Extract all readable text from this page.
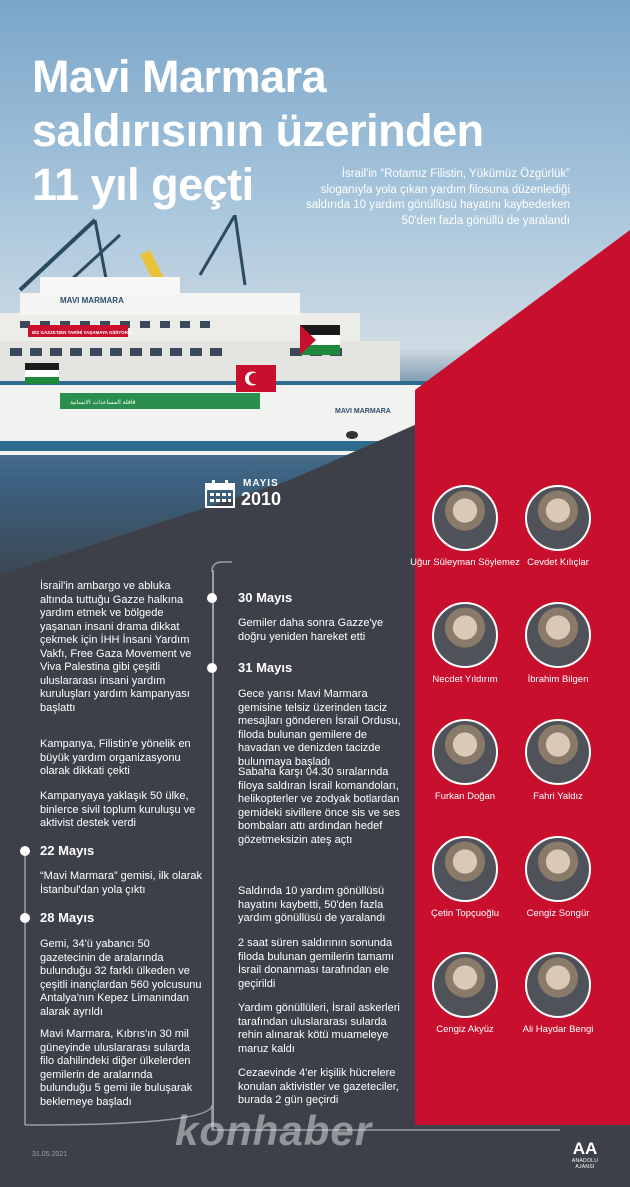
MAVI MARMARA
MAVI MARMARA
BİZ GAZZE'DEN TARİHİ YAŞAMAYA GİDİYORUZ
قافلة المساعدات الانسانية
Mavi Marmara
saldırısının üzerinden
11 yıl geçti	İsrail'in “Rotamız Filistin, Yükümüz Özgürlük” sloganıyla yola çıkan yardım filosuna düzenlediği saldırıda 10 yardım gönüllüsü hayatını kaybederken 50'den fazla gönüllü de yaralandı
MAYIS
2010
İsrail'in ambargo ve abluka altında tuttuğu Gazze halkına yardım etmek ve bölgede yaşanan insani drama dikkat çekmek için İHH İnsani Yardım Vakfı, Free Gaza Movement ve Viva Palestina gibi çeşitli uluslararası insani yardım kuruluşları yardım kampanyası başlattı
Kampanya, Filistin'e yönelik en büyük yardım organizasyonu olarak dikkati çekti
Kampanyaya yaklaşık 50 ülke, binlerce sivil toplum kuruluşu ve aktivist destek verdi
22 Mayıs
“Mavi Marmara” gemisi, ilk olarak İstanbul'dan yola çıktı
28 Mayıs
Gemi, 34'ü yabancı 50 gazetecinin de aralarında bulunduğu 32 farklı ülkeden ve çeşitli inançlardan 560 yolcusunu Antalya'nın Kepez Limanından alarak ayrıldı
Mavi Marmara, Kıbrıs'ın 30 mil güneyinde uluslararası sularda filo dahilindeki diğer ülkelerden gemilerin de aralarında bulunduğu 5 gemi ile buluşarak beklemeye başladı
30 Mayıs
Gemiler daha sonra Gazze'ye doğru yeniden hareket etti
31 Mayıs
Gece yarısı Mavi Marmara gemisine telsiz üzerinden taciz mesajları gönderen İsrail Ordusu, filoda bulunan gemilere de havadan ve denizden tacizde bulunmaya başladı
Sabaha karşı 04.30 sıralarında filoya saldıran İsrail komandoları, helikopterler ve zodyak botlardan gemideki sivillere önce sis ve ses bombaları attı ardından hedef gözetmeksizin ateş açtı
Saldırıda 10 yardım gönüllüsü hayatını kaybetti, 50'den fazla yardım gönüllüsü de yaralandı
2 saat süren saldırının sonunda filoda bulunan gemilerin tamamı İsrail donanması tarafından ele geçirildi
Yardım gönüllüleri, İsrail askerleri tarafından uluslararası sularda rehin alınarak kötü muameleye maruz kaldı
Cezaevinde 4'er kişilik hücrelere konulan aktivistler ve gazeteciler, burada 2 gün geçirdi
Uğur Süleyman Söylemez Cevdet Kılıçlar
Necdet Yıldırım	İbrahim Bilgen
Furkan Doğan	Fahri Yaldız
Çetin Topçuoğlu	Cengiz Songür
Cengiz Akyüz	Ali Haydar Bengi
konhaber
31.05.2021	AA
ANADOLU AJANSI
